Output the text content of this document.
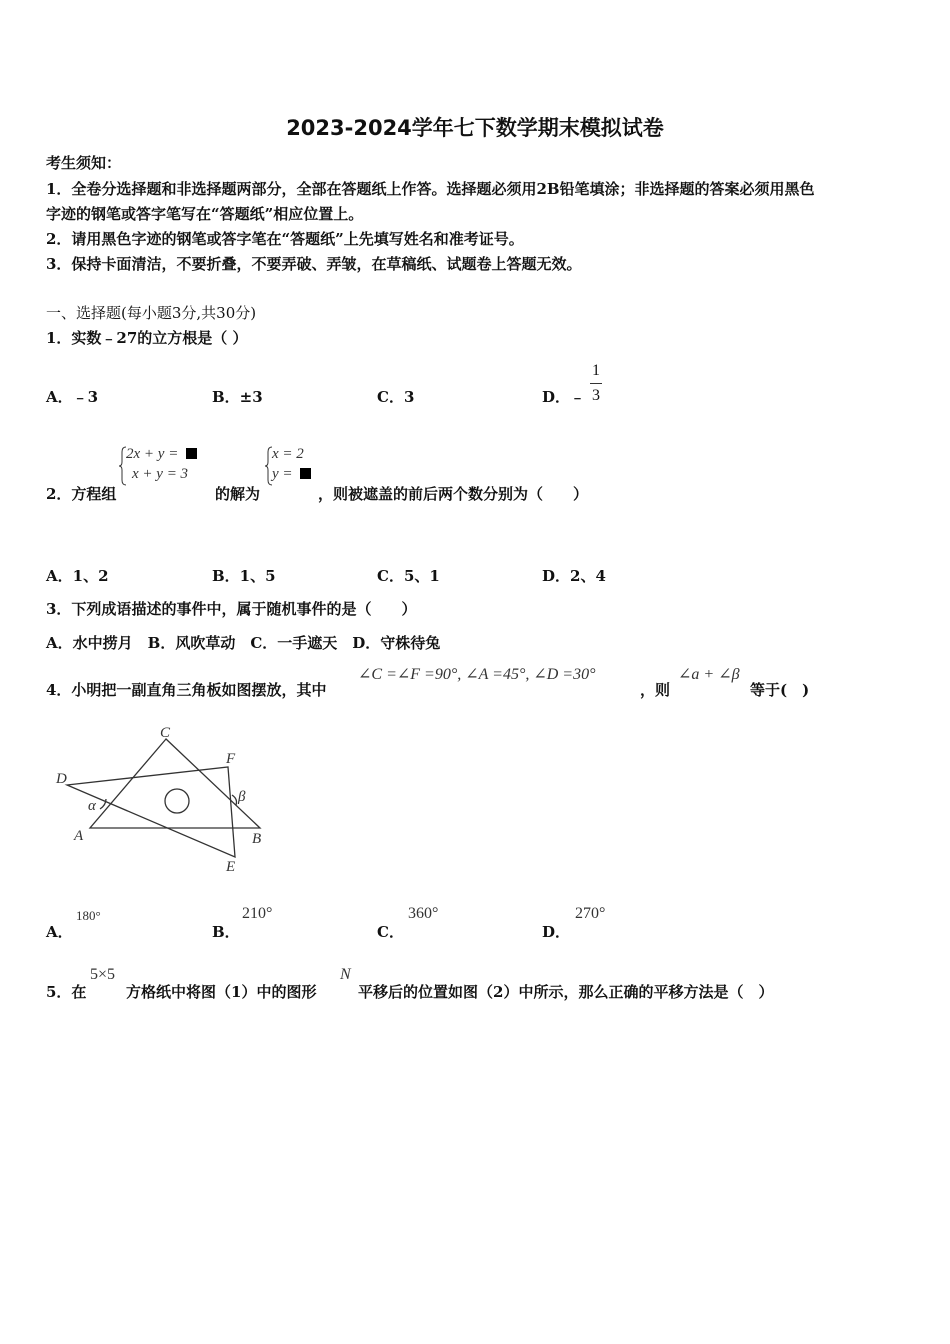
2023-2024学年七下数学期末模拟试卷
考生须知：
1．全卷分选择题和非选择题两部分，全部在答题纸上作答。选择题必须用2B铅笔填涂；非选择题的答案必须用黑色
字迹的钢笔或答字笔写在“答题纸”相应位置上。
2．请用黑色字迹的钢笔或答字笔在“答题纸”上先填写姓名和准考证号。
3．保持卡面清洁，不要折叠，不要弄破、弄皱，在草稿纸、试题卷上答题无效。
一、选择题(每小题3分,共30分)
1．实数﹣27的立方根是（ ）
A．﹣3	B．±3	C．3	D．﹣
1
3
2．方程组
2x + y =
x + y = 3
的解为
x = 2
y =
，则被遮盖的前后两个数分别为（　　）
A．1、2	B．1、5	C．5、1	D．2、4
3．下列成语描述的事件中，属于随机事件的是（　　）
A．水中捞月　B．风吹草动　C．一手遮天　D．守株待兔
4．小明把一副直角三角板如图摆放，其中
∠C =∠F =90°, ∠A =45°, ∠D =30°
，则
∠a + ∠β
等于(　)
C
F
D
α
β
A	B
E
A．
180°
B．
210°
C．
360°
D．
270°
5．在
5×5
方格纸中将图（1）中的图形
N
平移后的位置如图（2）中所示，那么正确的平移方法是（　）
